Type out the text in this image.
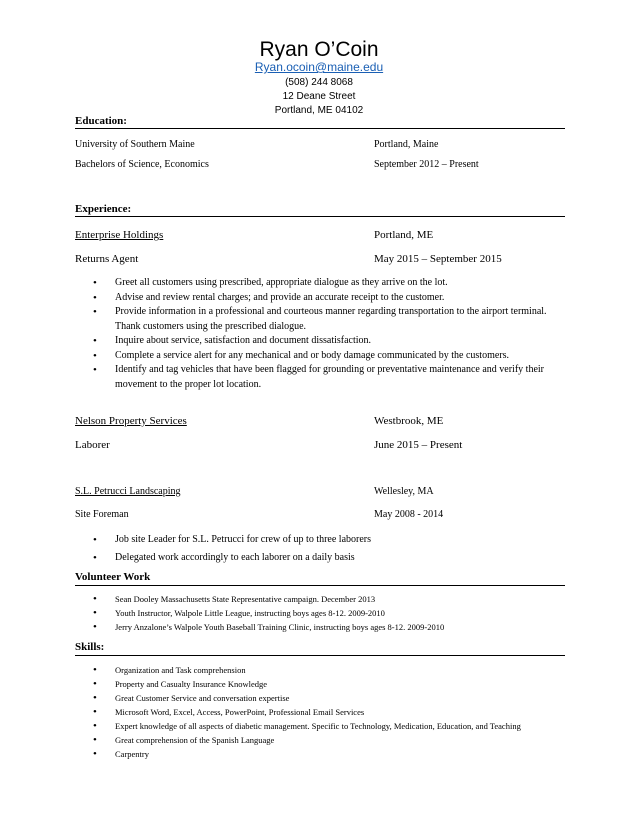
Ryan O’Coin
Ryan.ocoin@maine.edu
(508) 244 8068
12 Deane Street
Portland, ME 04102
Education:
University of Southern Maine	Portland, Maine
Bachelors of Science, Economics	September 2012 – Present
Experience:
Enterprise Holdings	Portland, ME
Returns Agent	May 2015 – September 2015
• Greet all customers using prescribed, appropriate dialogue as they arrive on the lot.
• Advise and review rental charges; and provide an accurate receipt to the customer.
• Provide information in a professional and courteous manner regarding transportation to the airport terminal. Thank customers using the prescribed dialogue.
• Inquire about service, satisfaction and document dissatisfaction.
• Complete a service alert for any mechanical and or body damage communicated by the customers.
• Identify and tag vehicles that have been flagged for grounding or preventative maintenance and verify their movement to the proper lot location.
Nelson Property Services	Westbrook, ME
Laborer	June 2015 – Present
S.L. Petrucci Landscaping	Wellesley, MA
Site Foreman	May 2008 - 2014
• Job site Leader for S.L. Petrucci for crew of up to three laborers
• Delegated work accordingly to each laborer on a daily basis
Volunteer Work
• Sean Dooley Massachusetts State Representative campaign. December 2013
• Youth Instructor, Walpole Little League, instructing boys ages 8-12. 2009-2010
• Jerry Anzalone’s Walpole Youth Baseball Training Clinic, instructing boys ages 8-12. 2009-2010
Skills:
• Organization and Task comprehension
• Property and Casualty Insurance Knowledge
• Great Customer Service and conversation expertise
• Microsoft Word, Excel, Access, PowerPoint, Professional Email Services
• Expert knowledge of all aspects of diabetic management. Specific to Technology, Medication, Education, and Teaching
• Great comprehension of the Spanish Language
• Carpentry
